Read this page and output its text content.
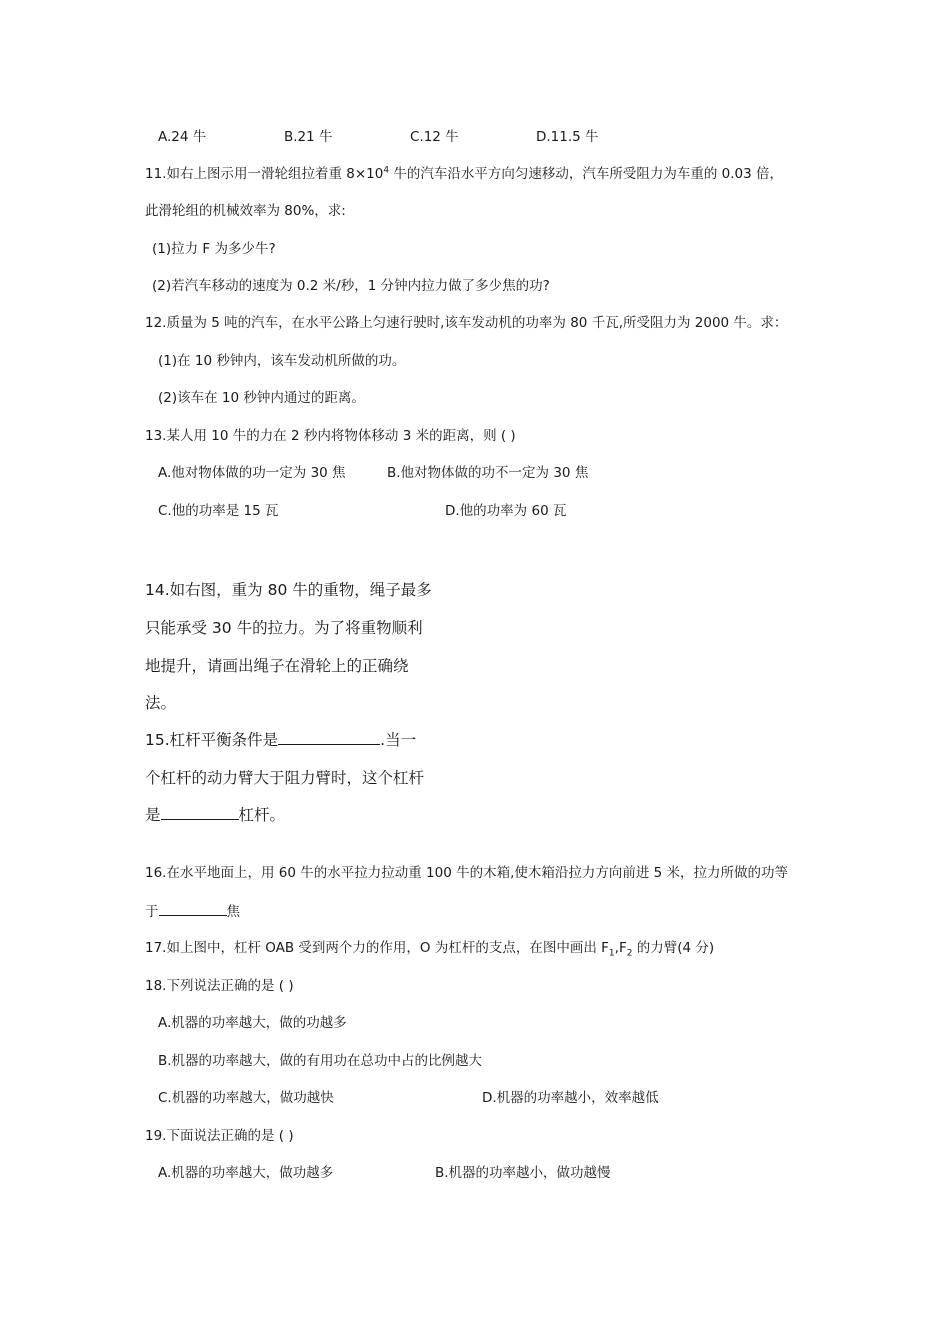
A.24 牛	B.21 牛	C.12 牛	D.11.5 牛
11.如右上图示用一滑轮组拉着重 $8\times 10^4$ 牛的汽车沿水平方向匀速移动，汽车所受阻力为车重的 0.03 倍，
此滑轮组的机械效率为 80%，求:
(1)拉力 F 为多少牛?
(2)若汽车移动的速度为 0.2 米/秒，1 分钟内拉力做了多少焦的功?
12.质量为 5 吨的汽车，在水平公路上匀速行驶时,该车发动机的功率为 80 千瓦,所受阻力为 2000 牛。求：
(1)在 10 秒钟内，该车发动机所做的功。
(2)该车在 10 秒钟内通过的距离。
13.某人用 10 牛的力在 2 秒内将物体移动 3 米的距离，则 ( )
A.他对物体做的功一定为 30 焦	B.他对物体做的功不一定为 30 焦
C.他的功率是 15 瓦	D.他的功率为 60 瓦
14.如右图，重为 80 牛的重物，绳子最多
只能承受 30 牛的拉力。为了将重物顺利
地提升，请画出绳子在滑轮上的正确绕
法。
15.杠杆平衡条件是	.当一
个杠杆的动力臂大于阻力臂时，这个杠杆
是	杠杆。
16.在水平地面上，用 60 牛的水平拉力拉动重 100 牛的木箱,使木箱沿拉力方向前进 5 米，拉力所做的功等
于	焦
17.如上图中，杠杆 OAB 受到两个力的作用，O 为杠杆的支点，在图中画出 $F_1,F_2$ 的力臂(4 分)
18.下列说法正确的是 ( )
A.机器的功率越大，做的功越多
B.机器的功率越大，做的有用功在总功中占的比例越大
C.机器的功率越大，做功越快	D.机器的功率越小，效率越低
19.下面说法正确的是 ( )
A.机器的功率越大，做功越多	B.机器的功率越小，做功越慢
